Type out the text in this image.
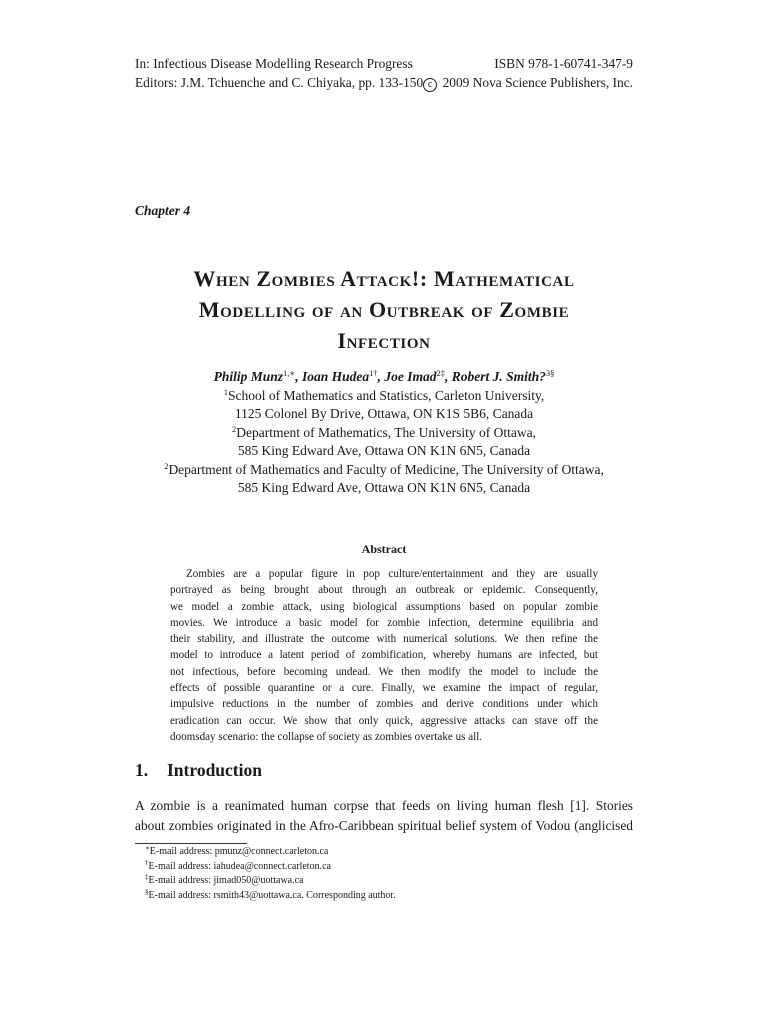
In: Infectious Disease Modelling Research Progress	ISBN 978-1-60741-347-9
Editors: J.M. Tchuenche and C. Chiyaka, pp. 133-150 c 2009 Nova Science Publishers, Inc.
Chapter 4
When Zombies Attack!: Mathematical
Modelling of an Outbreak of Zombie
Infection
Philip Munz$^{1,∗}$, Ioan Hudea$^{1\dagger}$, Joe Imad$^{2\ddagger}$, Robert J. Smith?$^{3\S}$
$^1$School of Mathematics and Statistics, Carleton University,
1125 Colonel By Drive, Ottawa, ON K1S 5B6, Canada
$^2$Department of Mathematics, The University of Ottawa,
585 King Edward Ave, Ottawa ON K1N 6N5, Canada
$^2$Department of Mathematics and Faculty of Medicine, The University of Ottawa,
585 King Edward Ave, Ottawa ON K1N 6N5, Canada
Abstract
Zombies are a popular figure in pop culture/entertainment and they are usually
portrayed as being brought about through an outbreak or epidemic. Consequently,
we model a zombie attack, using biological assumptions based on popular zombie
movies. We introduce a basic model for zombie infection, determine equilibria and
their stability, and illustrate the outcome with numerical solutions. We then refine the
model to introduce a latent period of zombification, whereby humans are infected, but
not infectious, before becoming undead. We then modify the model to include the
effects of possible quarantine or a cure. Finally, we examine the impact of regular,
impulsive reductions in the number of zombies and derive conditions under which
eradication can occur. We show that only quick, aggressive attacks can stave off the
doomsday scenario: the collapse of society as zombies overtake us all.
1. Introduction
A zombie is a reanimated human corpse that feeds on living human flesh [1]. Stories
about zombies originated in the Afro-Caribbean spiritual belief system of Vodou (anglicised
∗E-mail address: pmunz@connect.carleton.ca
†E-mail address: iahudea@connect.carleton.ca
‡E-mail address: jimad050@uottawa.ca
§E-mail address: rsmith43@uottawa.ca. Corresponding author.
